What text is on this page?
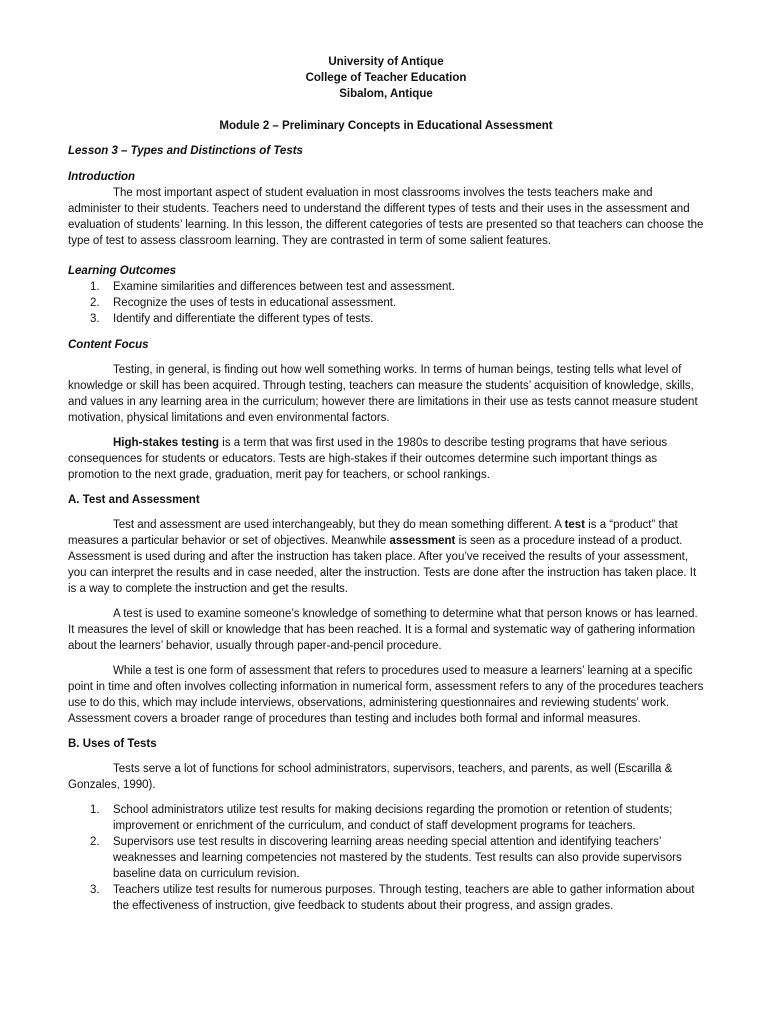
University of Antique
College of Teacher Education
Sibalom, Antique
Module 2 – Preliminary Concepts in Educational Assessment
Lesson 3 – Types and Distinctions of Tests
Introduction

The most important aspect of student evaluation in most classrooms involves the tests teachers make and administer to their students. Teachers need to understand the different types of tests and their uses in the assessment and evaluation of students’ learning. In this lesson, the different categories of tests are presented so that teachers can choose the type of test to assess classroom learning. They are contrasted in term of some salient features.

Learning Outcomes
1. Examine similarities and differences between test and assessment.
2. Recognize the uses of tests in educational assessment.
3. Identify and differentiate the different types of tests.
Content Focus

Testing, in general, is finding out how well something works. In terms of human beings, testing tells what level of knowledge or skill has been acquired. Through testing, teachers can measure the students’ acquisition of knowledge, skills, and values in any learning area in the curriculum; however there are limitations in their use as tests cannot measure student motivation, physical limitations and even environmental factors.

High-stakes testing is a term that was first used in the 1980s to describe testing programs that have serious consequences for students or educators. Tests are high-stakes if their outcomes determine such important things as promotion to the next grade, graduation, merit pay for teachers, or school rankings.

A. Test and Assessment

Test and assessment are used interchangeably, but they do mean something different. A test is a “product” that measures a particular behavior or set of objectives. Meanwhile assessment is seen as a procedure instead of a product. Assessment is used during and after the instruction has taken place. After you’ve received the results of your assessment, you can interpret the results and in case needed, alter the instruction. Tests are done after the instruction has taken place. It is a way to complete the instruction and get the results.

A test is used to examine someone’s knowledge of something to determine what that person knows or has learned. It measures the level of skill or knowledge that has been reached. It is a formal and systematic way of gathering information about the learners’ behavior, usually through paper-and-pencil procedure.

While a test is one form of assessment that refers to procedures used to measure a learners’ learning at a specific point in time and often involves collecting information in numerical form, assessment refers to any of the procedures teachers use to do this, which may include interviews, observations, administering questionnaires and reviewing students’ work. Assessment covers a broader range of procedures than testing and includes both formal and informal measures.

B. Uses of Tests

Tests serve a lot of functions for school administrators, supervisors, teachers, and parents, as well (Escarilla & Gonzales, 1990).

1. School administrators utilize test results for making decisions regarding the promotion or retention of students; improvement or enrichment of the curriculum, and conduct of staff development programs for teachers.
2. Supervisors use test results in discovering learning areas needing special attention and identifying teachers’ weaknesses and learning competencies not mastered by the students. Test results can also provide supervisors baseline data on curriculum revision.
3. Teachers utilize test results for numerous purposes. Through testing, teachers are able to gather information about the effectiveness of instruction, give feedback to students about their progress, and assign grades.
